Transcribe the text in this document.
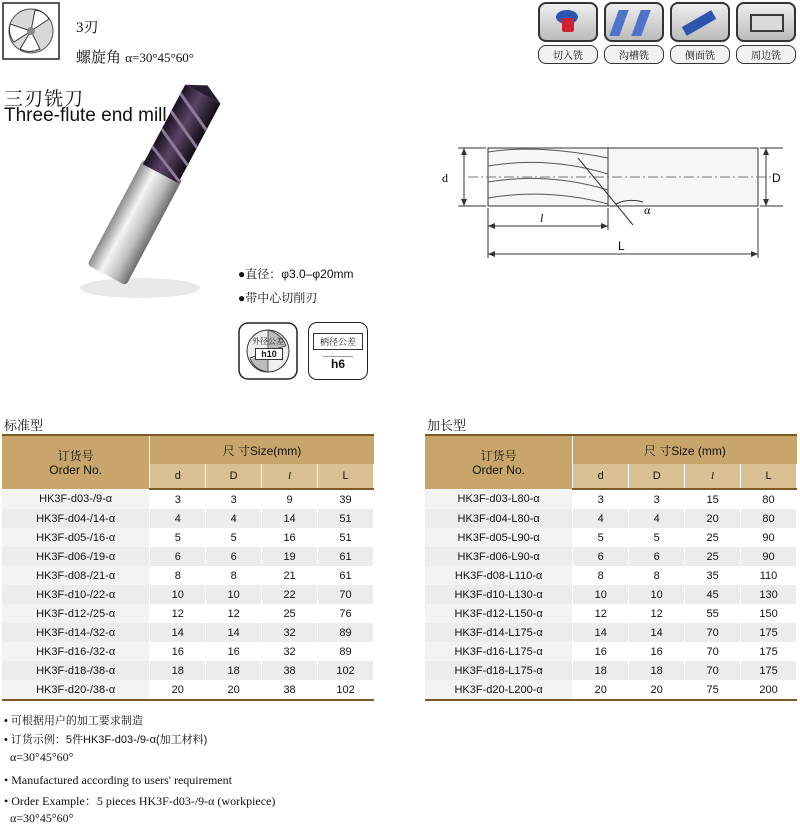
3刃
螺旋角 α=30°45°60°
三刃铣刀
Three-flute end mill
●直径：φ3.0–φ20mm
●带中心切削刃
外径公差
h10
柄径公差
h6
切入铣	沟槽铣	侧面铣	周边铣
d	D
l
L
α
标准型	加长型
订货号
Order No.	尺 寸Size(mm)			
	d	D	l	L
HK3F-d03-/9-α	3	3	9	39
HK3F-d04-/14-α	4	4	14	51
HK3F-d05-/16-α	5	5	16	51
HK3F-d06-/19-α	6	6	19	61
HK3F-d08-/21-α	8	8	21	61
HK3F-d10-/22-α	10	10	22	70
HK3F-d12-/25-α	12	12	25	76
HK3F-d14-/32-α	14	14	32	89
HK3F-d16-/32-α	16	16	32	89
HK3F-d18-/38-α	18	18	38	102
HK3F-d20-/38-α	20	20	38	102
订货号
Order No.	尺 寸Size (mm)			
	d	D	l	L
HK3F-d03-L80-α	3	3	15	80
HK3F-d04-L80-α	4	4	20	80
HK3F-d05-L90-α	5	5	25	90
HK3F-d06-L90-α	6	6	25	90
HK3F-d08-L110-α	8	8	35	110
HK3F-d10-L130-α	10	10	45	130
HK3F-d12-L150-α	12	12	55	150
HK3F-d14-L175-α	14	14	70	175
HK3F-d16-L175-α	16	16	70	175
HK3F-d18-L175-α	18	18	70	175
HK3F-d20-L200-α	20	20	75	200
• 可根据用户的加工要求制造
• 订货示例：5件HK3F-d03-/9-α(加工材料)
α=30°45°60°
• Manufactured according to users' requirement
• Order Example：5 pieces HK3F-d03-/9-α (workpiece)
α=30°45°60°
